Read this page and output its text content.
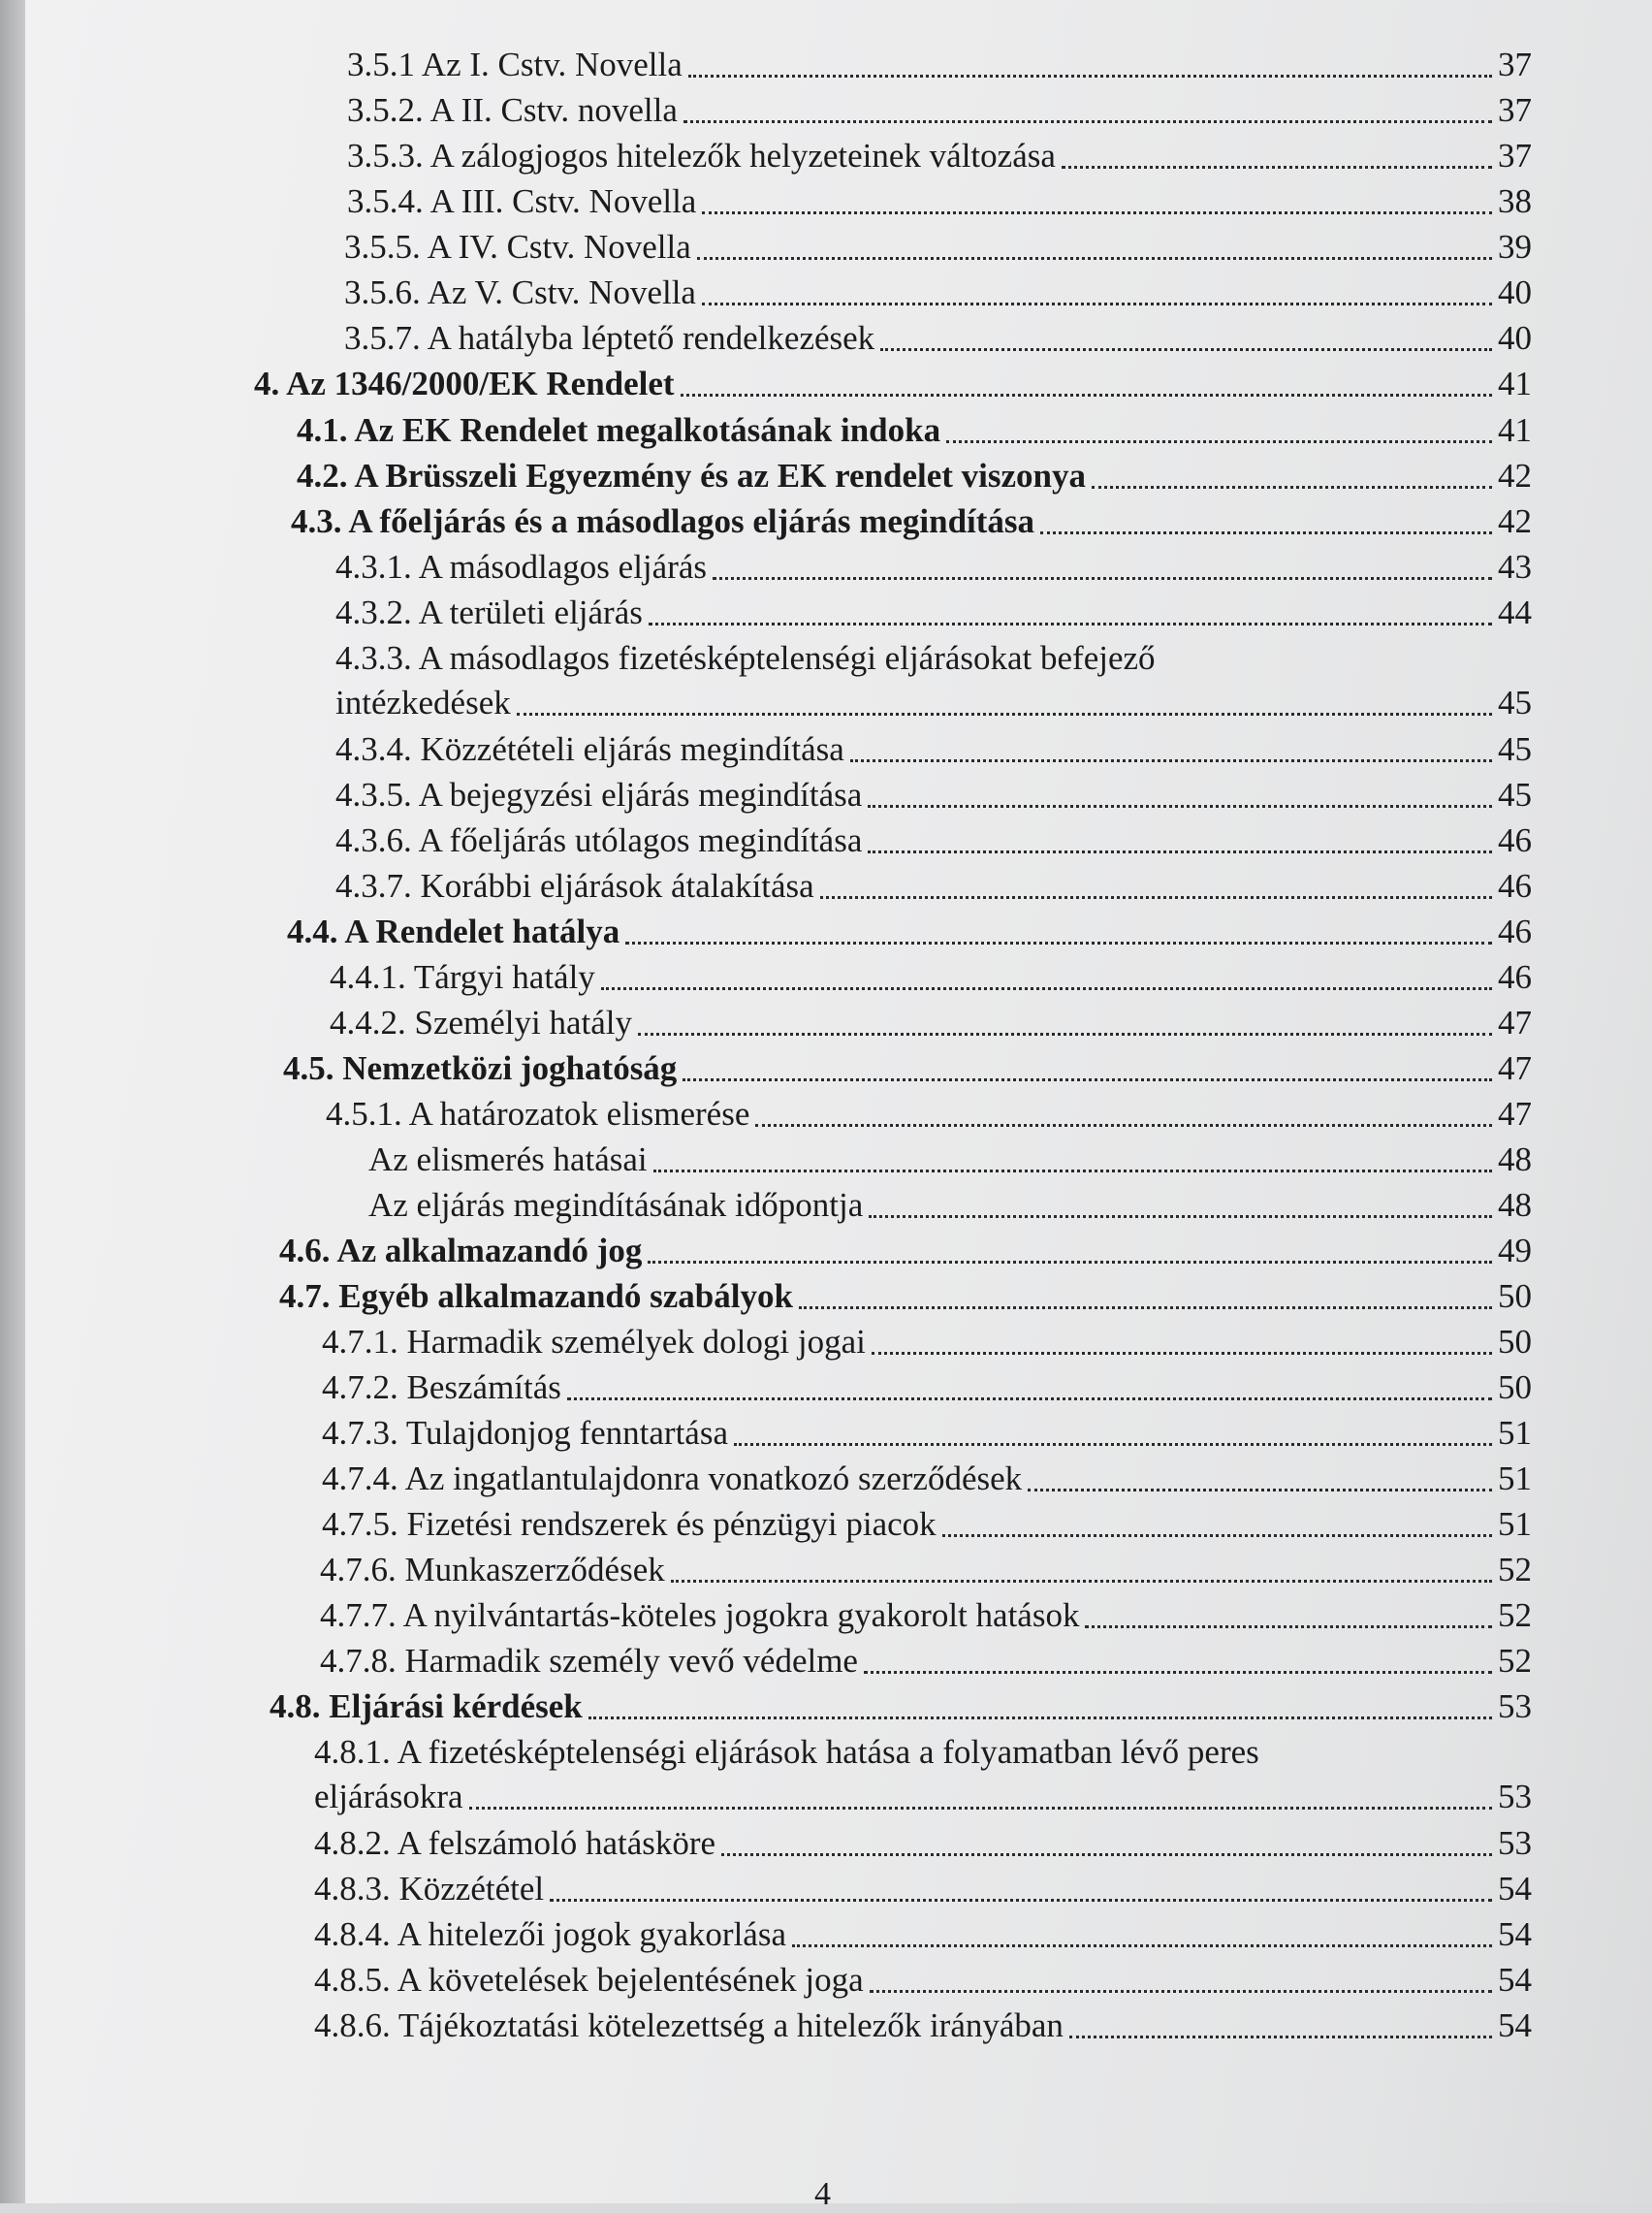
3.5.1 Az I. Cstv. Novella	37
3.5.2. A II. Cstv. novella	37
3.5.3. A zálogjogos hitelezők helyzeteinek változása	37
3.5.4. A III. Cstv. Novella	38
3.5.5. A IV. Cstv. Novella	39
3.5.6. Az V. Cstv. Novella	40
3.5.7. A hatályba léptető rendelkezések	40
4. Az 1346/2000/EK Rendelet	41
4.1. Az EK Rendelet megalkotásának indoka	41
4.2. A Brüsszeli Egyezmény és az EK rendelet viszonya	42
4.3. A főeljárás és a másodlagos eljárás megindítása	42
4.3.1. A másodlagos eljárás	43
4.3.2. A területi eljárás	44
4.3.3. A másodlagos fizetésképtelenségi eljárásokat befejező
intézkedések	45
4.3.4. Közzétételi eljárás megindítása	45
4.3.5. A bejegyzési eljárás megindítása	45
4.3.6. A főeljárás utólagos megindítása	46
4.3.7. Korábbi eljárások átalakítása	46
4.4. A Rendelet hatálya	46
4.4.1. Tárgyi hatály	46
4.4.2. Személyi hatály	47
4.5. Nemzetközi joghatóság	47
4.5.1. A határozatok elismerése	47
Az elismerés hatásai	48
Az eljárás megindításának időpontja	48
4.6. Az alkalmazandó jog	49
4.7. Egyéb alkalmazandó szabályok	50
4.7.1. Harmadik személyek dologi jogai	50
4.7.2. Beszámítás	50
4.7.3. Tulajdonjog fenntartása	51
4.7.4. Az ingatlantulajdonra vonatkozó szerződések	51
4.7.5. Fizetési rendszerek és pénzügyi piacok	51
4.7.6. Munkaszerződések	52
4.7.7. A nyilvántartás-köteles jogokra gyakorolt hatások	52
4.7.8. Harmadik személy vevő védelme	52
4.8. Eljárási kérdések	53
4.8.1. A fizetésképtelenségi eljárások hatása a folyamatban lévő peres
eljárásokra	53
4.8.2. A felszámoló hatásköre	53
4.8.3. Közzététel	54
4.8.4. A hitelezői jogok gyakorlása	54
4.8.5. A követelések bejelentésének joga	54
4.8.6. Tájékoztatási kötelezettség a hitelezők irányában	54
4
